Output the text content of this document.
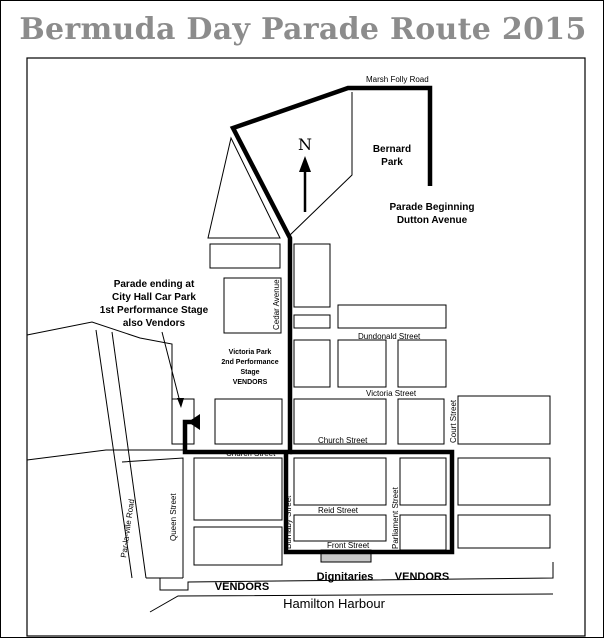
Bermuda Day Parade Route 2015
N
Marsh Folly Road
Cedar Avenue
Dundonald Street
Victoria Street
Church Street
Church Street	Court Street
Reid Street
Front Street
Burnaby Street	Parliament Street
Queen Street
Par-la-ville Road
Bernard
Park
Parade Beginning
Dutton Avenue
Parade ending at
City Hall Car Park
1st Performance Stage
also Vendors
Victoria Park
2nd Performance
Stage
VENDORS
VENDORS
Dignitaries VENDORS
Hamilton Harbour
